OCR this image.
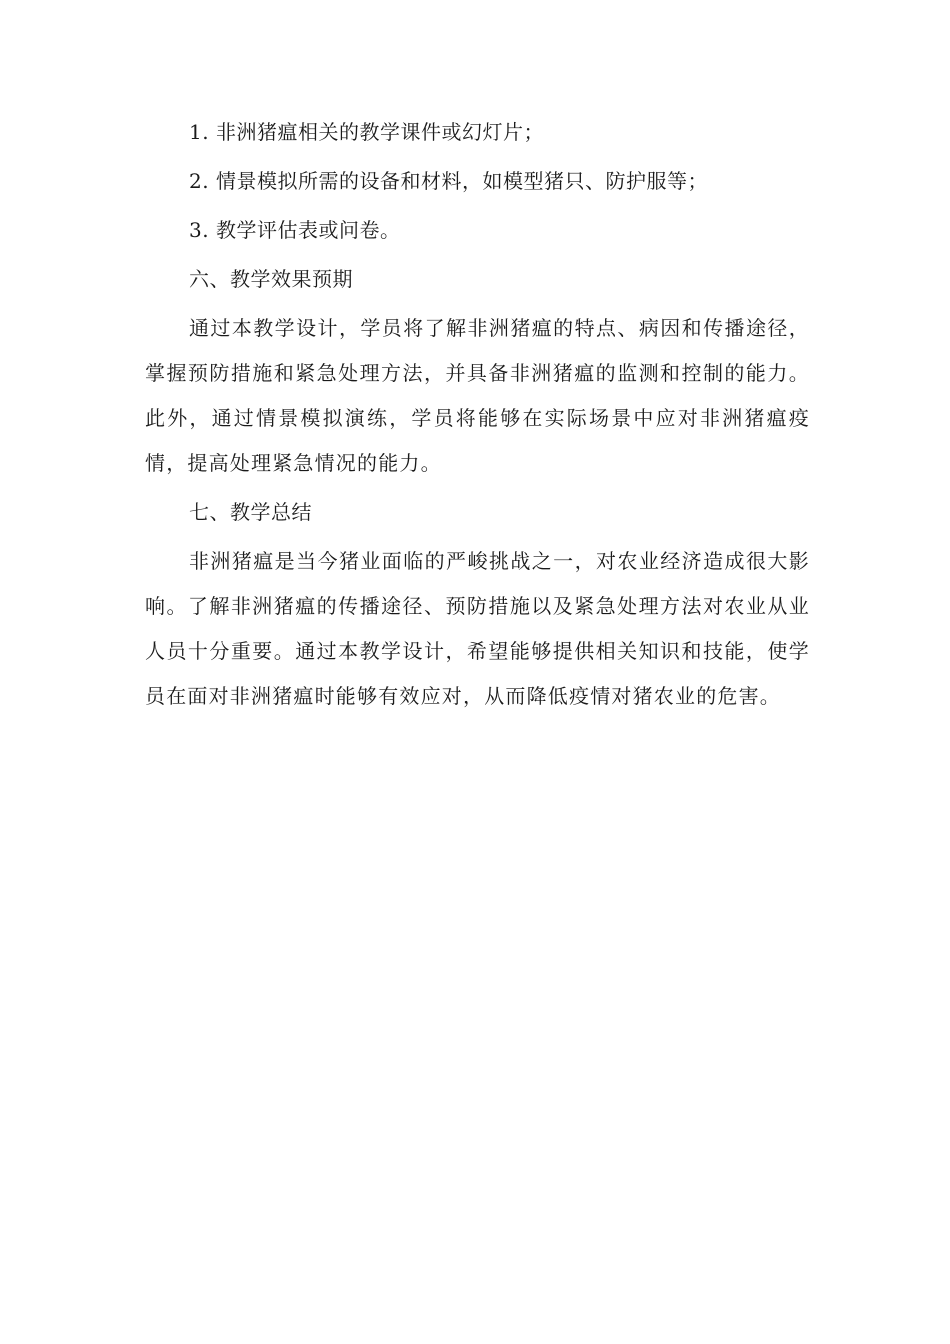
1. 非洲猪瘟相关的教学课件或幻灯片；

2. 情景模拟所需的设备和材料，如模型猪只、防护服等；

3. 教学评估表或问卷。

六、教学效果预期

通过本教学设计，学员将了解非洲猪瘟的特点、病因和传播途径，掌握预防措施和紧急处理方法，并具备非洲猪瘟的监测和控制的能力。此外，通过情景模拟演练，学员将能够在实际场景中应对非洲猪瘟疫情，提高处理紧急情况的能力。

七、教学总结

非洲猪瘟是当今猪业面临的严峻挑战之一，对农业经济造成很大影响。了解非洲猪瘟的传播途径、预防措施以及紧急处理方法对农业从业人员十分重要。通过本教学设计，希望能够提供相关知识和技能，使学员在面对非洲猪瘟时能够有效应对，从而降低疫情对猪农业的危害。
